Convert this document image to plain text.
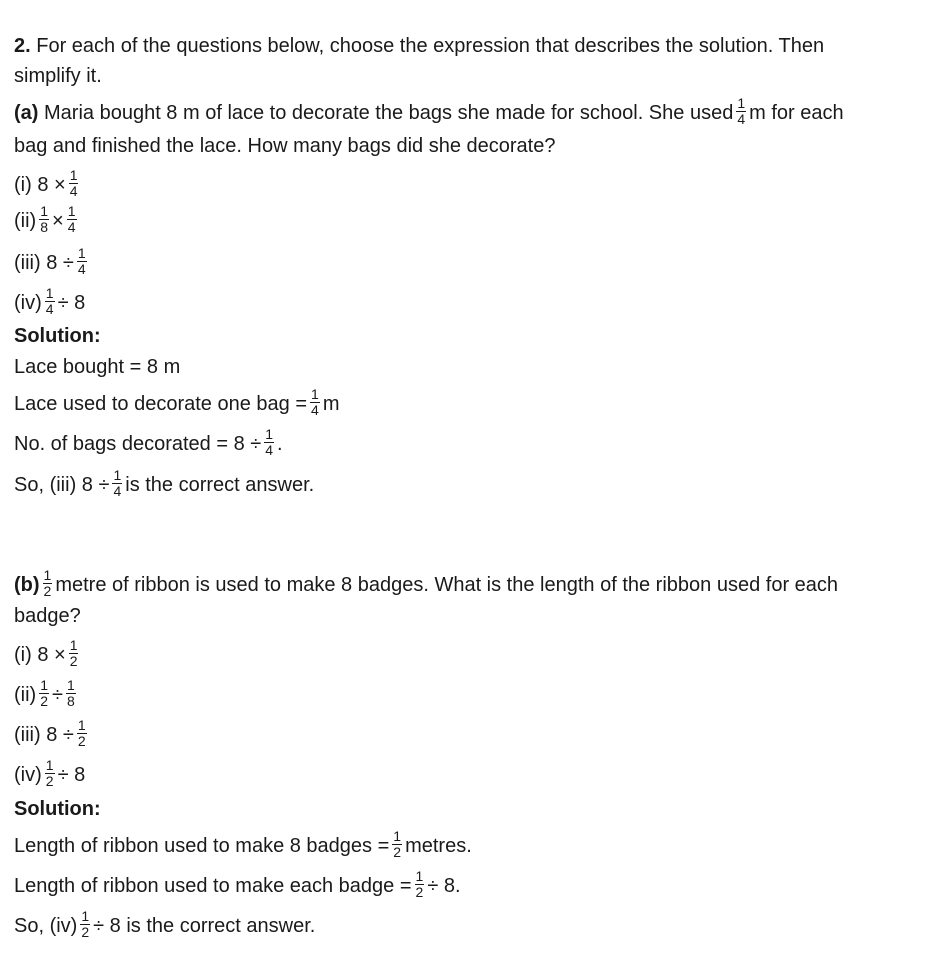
2. For each of the questions below, choose the expression that describes the solution. Then
simplify it.
(a) Maria bought 8 m of lace to decorate the bags she made for school. She used $\frac{1}{4}$ m for each
bag and finished the lace. How many bags did she decorate?
(i) $8 \times \frac{1}{4}$
$(ii) \frac{1}{8} \times \frac{1}{4}$
(iii) $8 \div \frac{1}{4}$
$(iv) \frac{1}{4} \div 8$
Solution:
Lace bought = 8 m
Lace used to decorate one bag = $\frac{1}{4}$ m
No. of bags decorated = $8 \div \frac{1}{4}$ .
So, (iii) $8 \div \frac{1}{4}$ is the correct answer.
$(b) \frac{1}{2}$ metre of ribbon is used to make 8 badges. What is the length of the ribbon used for each
badge?
(i) $8 \times \frac{1}{2}$
$(ii) \frac{1}{2} \div \frac{1}{8}$
(iii) $8 \div \frac{1}{2}$
$(iv) \frac{1}{2} \div 8$
Solution:
Length of ribbon used to make 8 badges = $\frac{1}{2}$ metres.
Length of ribbon used to make each badge = $\frac{1}{2} \div 8$.
So, $(iv) \frac{1}{2} \div 8$ is the correct answer.
